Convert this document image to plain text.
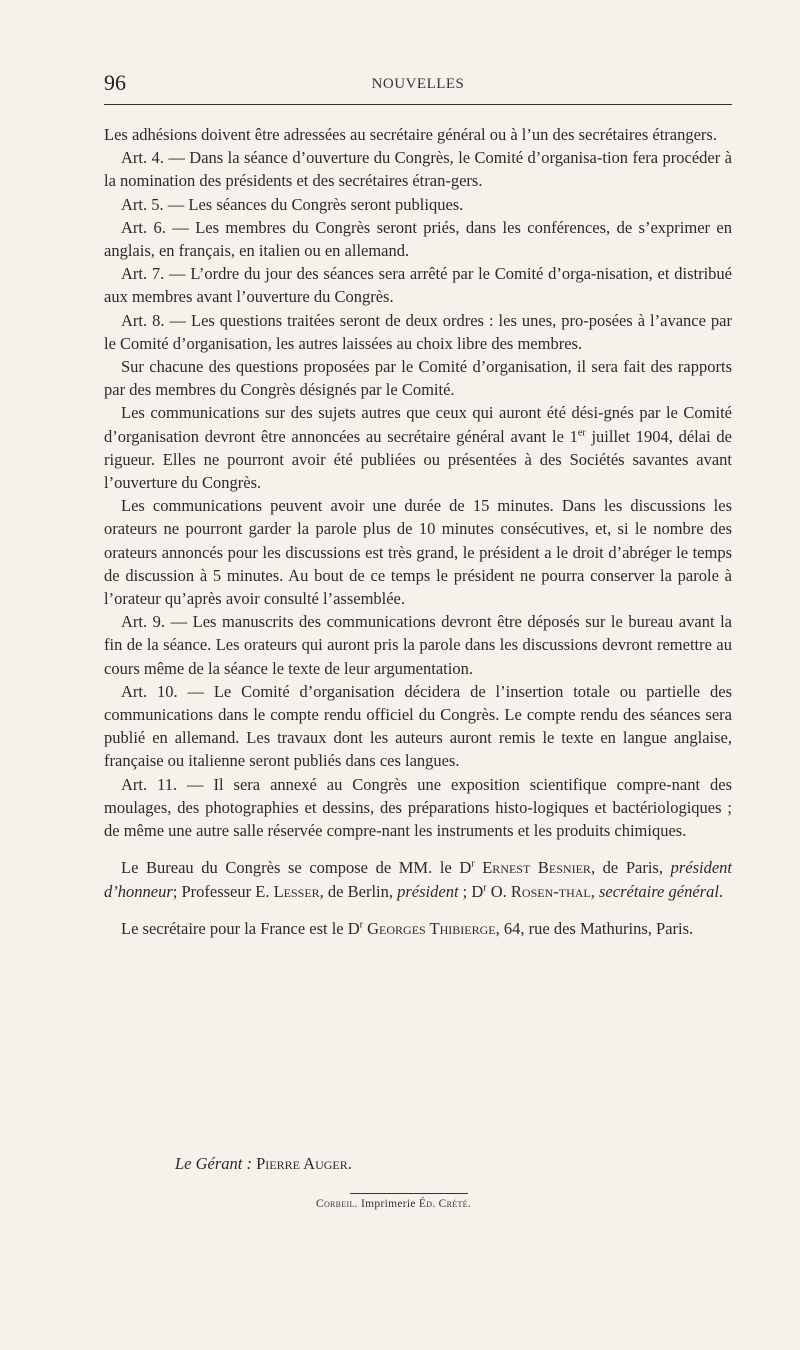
96	NOUVELLES

Les adhésions doivent être adressées au secrétaire général ou à l’un des secrétaires étrangers.

Art. 4. — Dans la séance d’ouverture du Congrès, le Comité d’organisa-tion fera procéder à la nomination des présidents et des secrétaires étran-gers.

Art. 5. — Les séances du Congrès seront publiques.

Art. 6. — Les membres du Congrès seront priés, dans les conférences, de s’exprimer en anglais, en français, en italien ou en allemand.

Art. 7. — L’ordre du jour des séances sera arrêté par le Comité d’orga-nisation, et distribué aux membres avant l’ouverture du Congrès.

Art. 8. — Les questions traitées seront de deux ordres : les unes, pro-posées à l’avance par le Comité d’organisation, les autres laissées au choix libre des membres.

Sur chacune des questions proposées par le Comité d’organisation, il sera fait des rapports par des membres du Congrès désignés par le Comité.

Les communications sur des sujets autres que ceux qui auront été dési-gnés par le Comité d’organisation devront être annoncées au secrétaire général avant le 1er juillet 1904, délai de rigueur. Elles ne pourront avoir été publiées ou présentées à des Sociétés savantes avant l’ouverture du Congrès.

Les communications peuvent avoir une durée de 15 minutes. Dans les discussions les orateurs ne pourront garder la parole plus de 10 minutes consécutives, et, si le nombre des orateurs annoncés pour les discussions est très grand, le président a le droit d’abréger le temps de discussion à 5 minutes. Au bout de ce temps le président ne pourra conserver la parole à l’orateur qu’après avoir consulté l’assemblée.

Art. 9. — Les manuscrits des communications devront être déposés sur le bureau avant la fin de la séance. Les orateurs qui auront pris la parole dans les discussions devront remettre au cours même de la séance le texte de leur argumentation.

Art. 10. — Le Comité d’organisation décidera de l’insertion totale ou partielle des communications dans le compte rendu officiel du Congrès. Le compte rendu des séances sera publié en allemand. Les travaux dont les auteurs auront remis le texte en langue anglaise, française ou italienne seront publiés dans ces langues.

Art. 11. — Il sera annexé au Congrès une exposition scientifique compre-nant des moulages, des photographies et dessins, des préparations histo-logiques et bactériologiques ; de même une autre salle réservée compre-nant les instruments et les produits chimiques.

Le Bureau du Congrès se compose de MM. le $D^r$ Ernest Besnier, de Paris, président d’honneur; Professeur E. Lesser, de Berlin, président ; $D^r$ O. Rosen-thal, secrétaire général.

Le secrétaire pour la France est le $D^r$ Georges Thibierge, 64, rue des Mathurins, Paris.

Le Gérant : Pierre Auger.
Corbeil. Imprimerie Éd. Crété.
